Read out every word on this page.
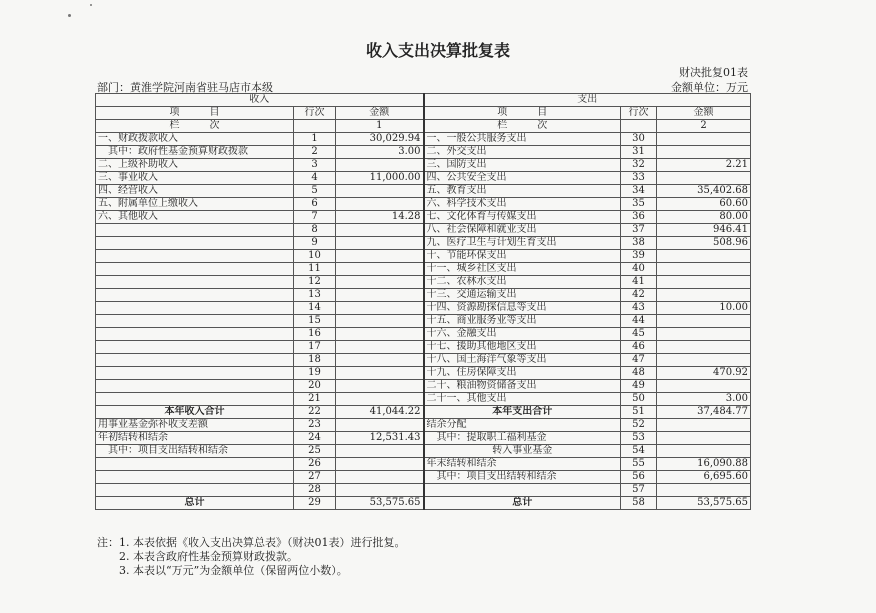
收入支出决算批复表
财决批复01表
部门：黄淮学院河南省驻马店市本级	金额单位：万元
收入			支出		
项　　　目	行次	金额	项　　　目	行次	金额
栏　　　次		1	栏　　　次		2
一、财政拨款收入	1	30,029.94	一、一般公共服务支出	30	
　其中：政府性基金预算财政拨款	2	3.00	二、外交支出	31	
二、上级补助收入	3		三、国防支出	32	2.21
三、事业收入	4	11,000.00	四、公共安全支出	33	
四、经营收入	5		五、教育支出	34	35,402.68
五、附属单位上缴收入	6		六、科学技术支出	35	60.60
六、其他收入	7	14.28	七、文化体育与传媒支出	36	80.00
	8		八、社会保障和就业支出	37	946.41
	9		九、医疗卫生与计划生育支出	38	508.96
	10		十、节能环保支出	39	
	11		十一、城乡社区支出	40	
	12		十二、农林水支出	41	
	13		十三、交通运输支出	42	
	14		十四、资源勘探信息等支出	43	10.00
	15		十五、商业服务业等支出	44	
	16		十六、金融支出	45	
	17		十七、援助其他地区支出	46	
	18		十八、国土海洋气象等支出	47	
	19		十九、住房保障支出	48	470.92
	20		二十、粮油物资储备支出	49	
	21		二十一、其他支出	50	3.00
本年收入合计	22	41,044.22	本年支出合计	51	37,484.77
用事业基金弥补收支差额	23		结余分配	52	
年初结转和结余	24	12,531.43	　其中：提取职工福利基金	53	
　其中：项目支出结转和结余	25		转入事业基金	54	
	26		年末结转和结余	55	16,090.88
	27		　其中：项目支出结转和结余	56	6,695.60
	28			57	
总计	29	53,575.65	总计	58	53,575.65
注：1. 本表依据《收入支出决算总表》（财决01表）进行批复。
2. 本表含政府性基金预算财政拨款。
3. 本表以“万元”为金额单位（保留两位小数）。
